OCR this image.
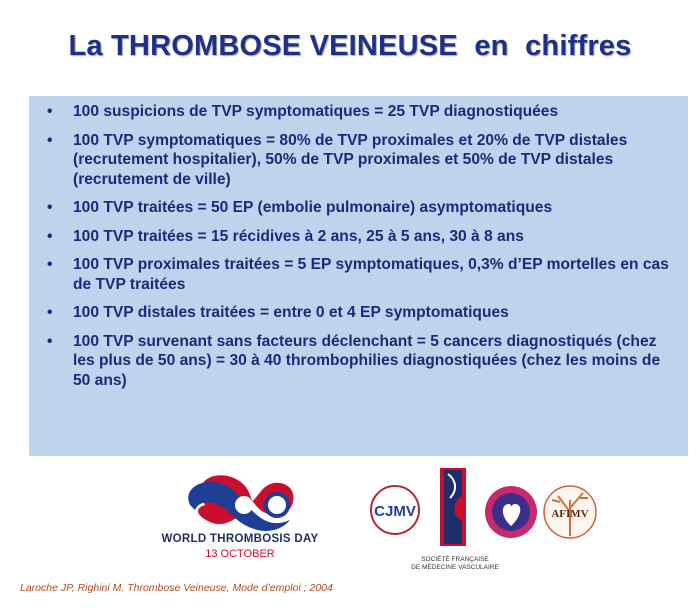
La THROMBOSE VEINEUSE  en  chiffres
• 100 suspicions de TVP symptomatiques = 25 TVP diagnostiquées
• 100 TVP symptomatiques = 80% de TVP proximales et 20% de TVP distales (recrutement hospitalier), 50% de TVP proximales et 50% de TVP distales (recrutement de ville)
• 100 TVP traitées = 50 EP (embolie pulmonaire) asymptomatiques
• 100 TVP traitées = 15 récidives à 2 ans, 25 à 5 ans, 30 à 8 ans
• 100 TVP proximales traitées = 5 EP symptomatiques, 0,3% d’EP mortelles en cas de TVP traitées
• 100 TVP distales traitées = entre 0 et 4 EP symptomatiques
• 100 TVP survenant sans facteurs déclenchant = 5 cancers diagnostiqués (chez les plus de 50 ans) = 30 à 40 thrombophilies diagnostiquées (chez les moins de 50 ans)
CJMV	AFIMV
WORLD THROMBOSIS DAY
13 OCTOBER	SOCIÉTÉ FRANÇAISE
DE MÉDECINE VASCULAIRE
Laroche JP, Righini M. Thrombose Veineuse, Mode d’emploi ; 2004
